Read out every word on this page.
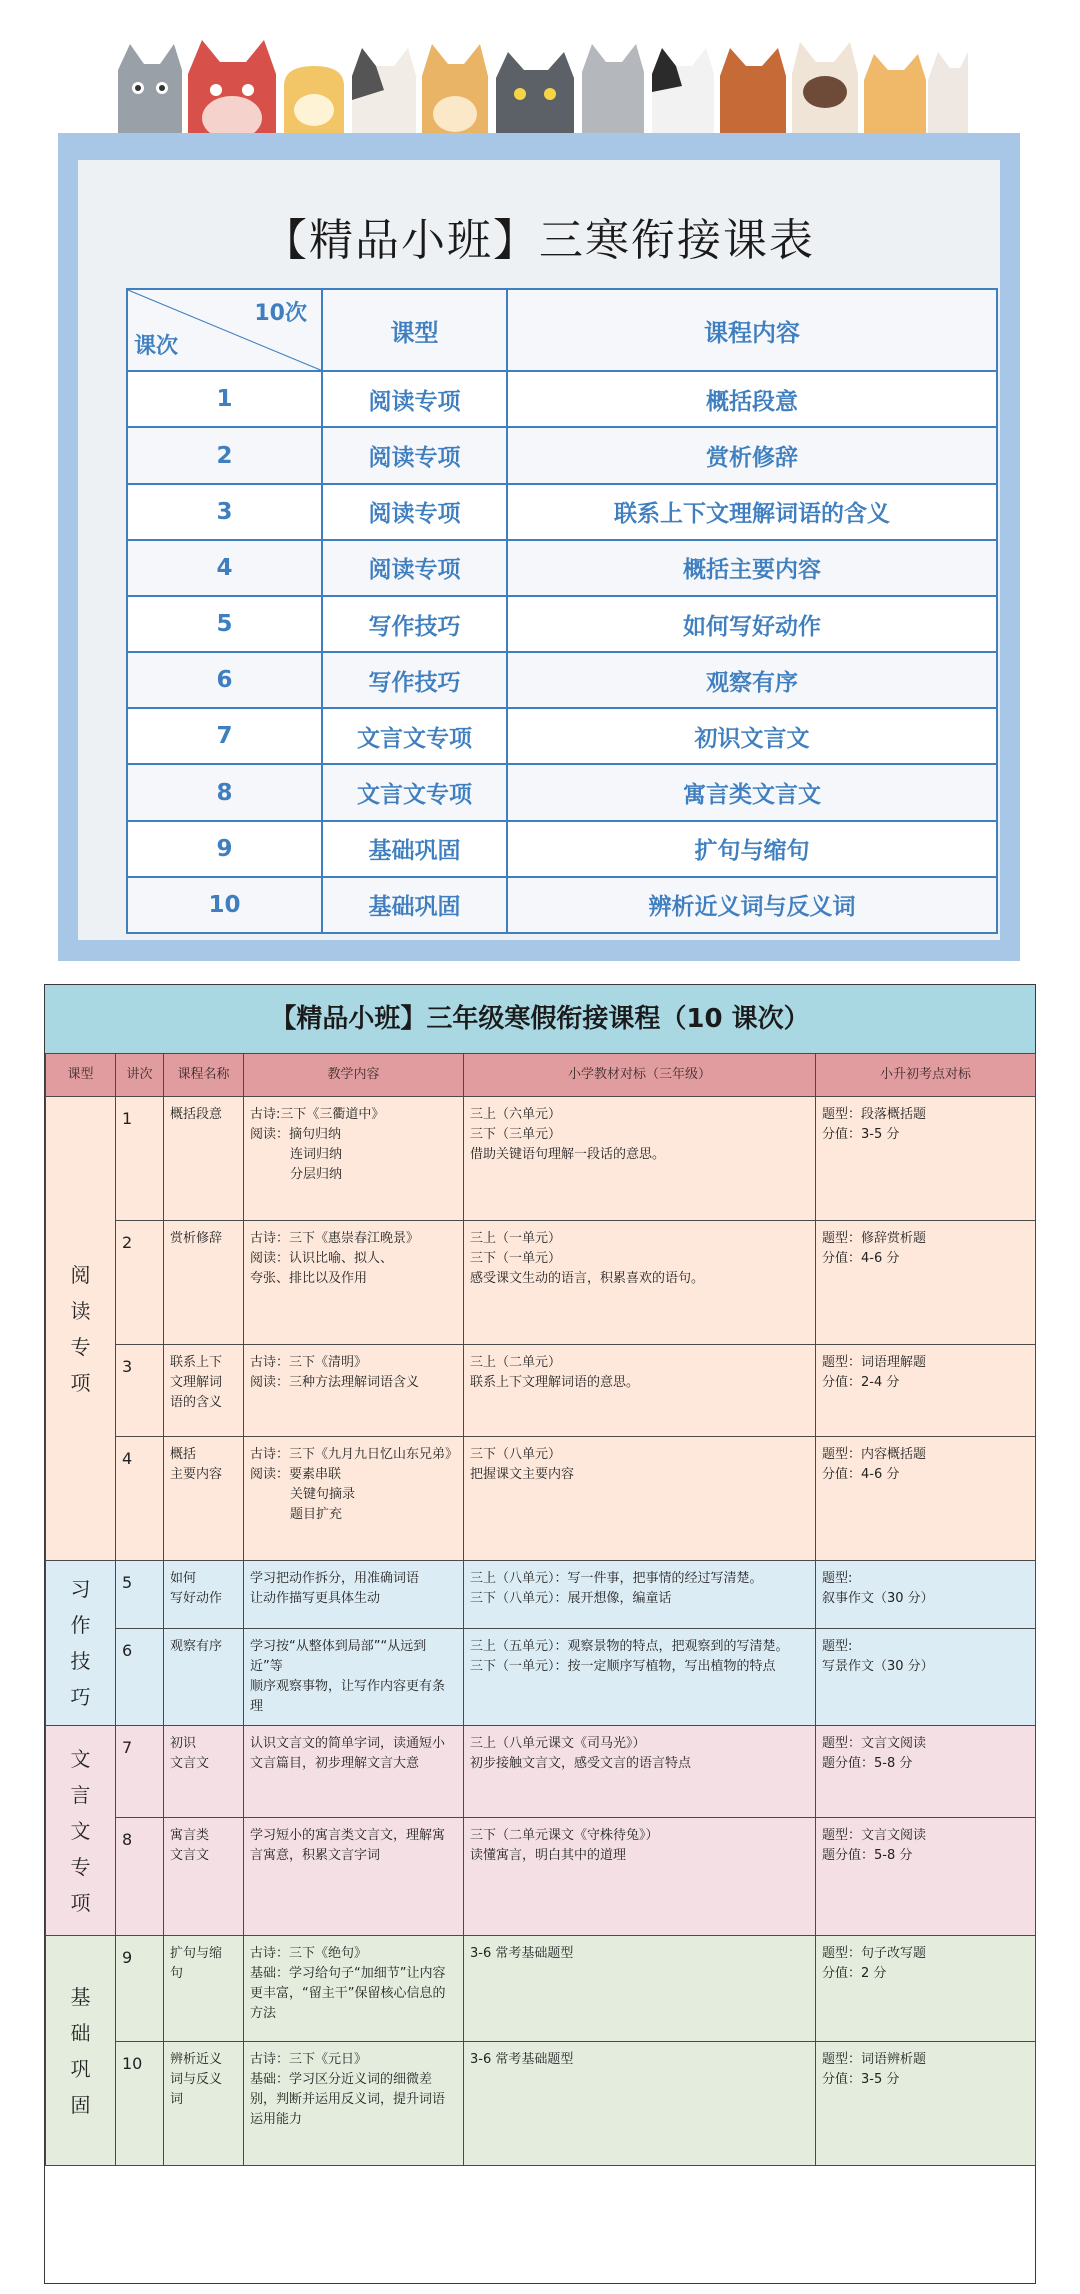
【精品小班】三寒衔接课表
10次
课次	课型	课程内容
1	阅读专项	概括段意
2	阅读专项	赏析修辞
3	阅读专项	联系上下文理解词语的含义
4	阅读专项	概括主要内容
5	写作技巧	如何写好动作
6	写作技巧	观察有序
7	文言文专项	初识文言文
8	文言文专项	寓言类文言文
9	基础巩固	扩句与缩句
10	基础巩固	辨析近义词与反义词
【精品小班】三年级寒假衔接课程（10 课次）
课型	讲次	课程名称	教学内容	小学教材对标（三年级）	小升初考点对标

阅
读
专
项	1	概括段意	古诗:三下《三衢道中》
阅读：摘句归纳
连词归纳
分层归纳	三上（六单元）
三下（三单元）
借助关键语句理解一段话的意思。	题型：段落概括题
分值：3-5 分

	2	赏析修辞	古诗：三下《惠崇春江晚景》
阅读：认识比喻、拟人、
夸张、排比以及作用	三上（一单元）
三下（一单元）
感受课文生动的语言，积累喜欢的语句。	题型：修辞赏析题
分值：4-6 分

	3	联系上下
文理解词
语的含义	古诗：三下《清明》
阅读：三种方法理解词语含义	三上（二单元）
联系上下文理解词语的意思。	题型：词语理解题
分值：2-4 分

	4	概括
主要内容	古诗：三下《九月九日忆山东兄弟》
阅读：要素串联
关键句摘录
题目扩充	三下（八单元）
把握课文主要内容	题型：内容概括题
分值：4-6 分

习
作
技
巧	5	如何
写好动作	学习把动作拆分，用准确词语
让动作描写更具体生动	三上（八单元）：写一件事，把事情的经过写清楚。
三下（八单元）：展开想像，编童话	题型:
叙事作文（30 分）

	6	观察有序	学习按“从整体到局部”“从远到近”等
顺序观察事物，让写作内容更有条
理	三上（五单元）：观察景物的特点，把观察到的写清楚。
三下（一单元）：按一定顺序写植物，写出植物的特点	题型:
写景作文（30 分）

文
言
文
专
项	7	初识
文言文	认识文言文的简单字词，读通短小
文言篇目，初步理解文言大意	三上（八单元课文《司马光》）
初步接触文言文，感受文言的语言特点	题型：文言文阅读
题分值：5-8 分

	8	寓言类
文言文	学习短小的寓言类文言文，理解寓
言寓意，积累文言字词	三下（二单元课文《守株待兔》）
读懂寓言，明白其中的道理	题型：文言文阅读
题分值：5-8 分

基
础
巩
固	9	扩句与缩
句	古诗：三下《绝句》
基础：学习给句子“加细节”让内容
更丰富，“留主干”保留核心信息的
方法	3-6 常考基础题型	题型：句子改写题
分值：2 分

	10	辨析近义
词与反义
词	古诗：三下《元日》
基础：学习区分近义词的细微差
别，判断并运用反义词，提升词语
运用能力	3-6 常考基础题型	题型：词语辨析题
分值：3-5 分
